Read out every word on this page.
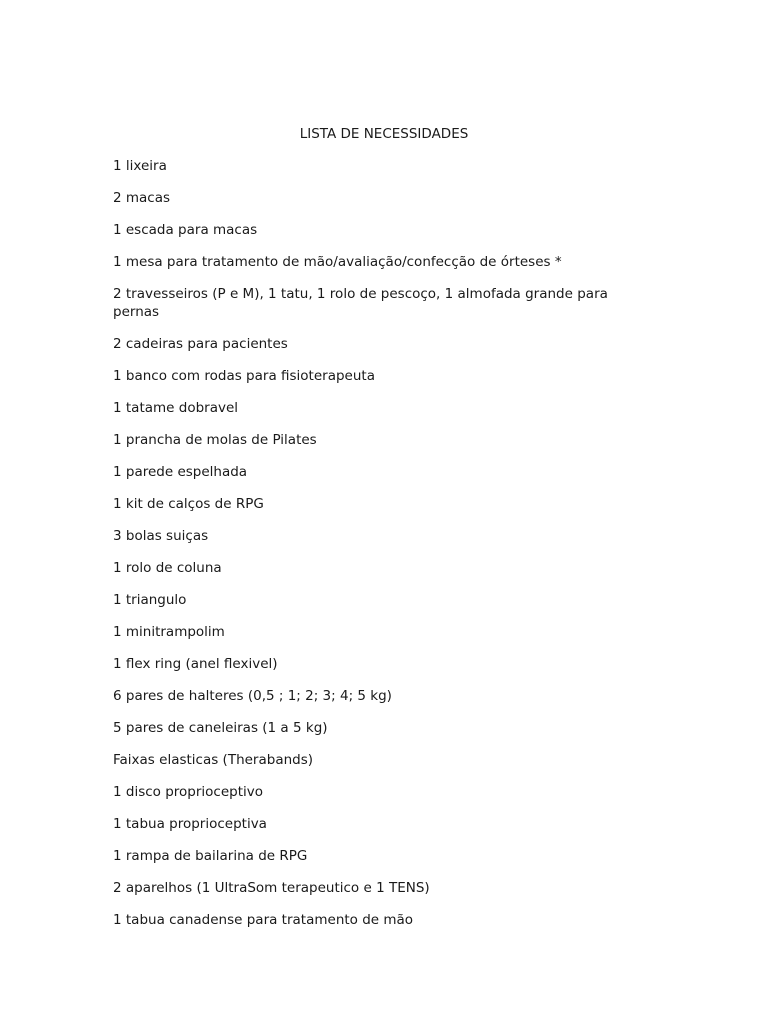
LISTA DE NECESSIDADES
1 lixeira
2 macas
1 escada para macas
1 mesa para tratamento de mão/avaliação/confecção de órteses *
2 travesseiros (P e M), 1 tatu, 1 rolo de pescoço, 1 almofada grande para pernas
2 cadeiras para pacientes
1 banco com rodas para fisioterapeuta
1 tatame dobravel
1 prancha de molas de Pilates
1 parede espelhada
1 kit de calços de RPG
3 bolas suiças
1 rolo de coluna
1 triangulo
1 minitrampolim
1 flex ring (anel flexivel)
6 pares de halteres (0,5 ; 1; 2; 3; 4; 5 kg)
5 pares de caneleiras (1 a 5 kg)
Faixas elasticas (Therabands)
1 disco proprioceptivo
1 tabua proprioceptiva
1 rampa de bailarina de RPG
2 aparelhos (1 UltraSom terapeutico e 1 TENS)
1 tabua canadense para tratamento de mão
